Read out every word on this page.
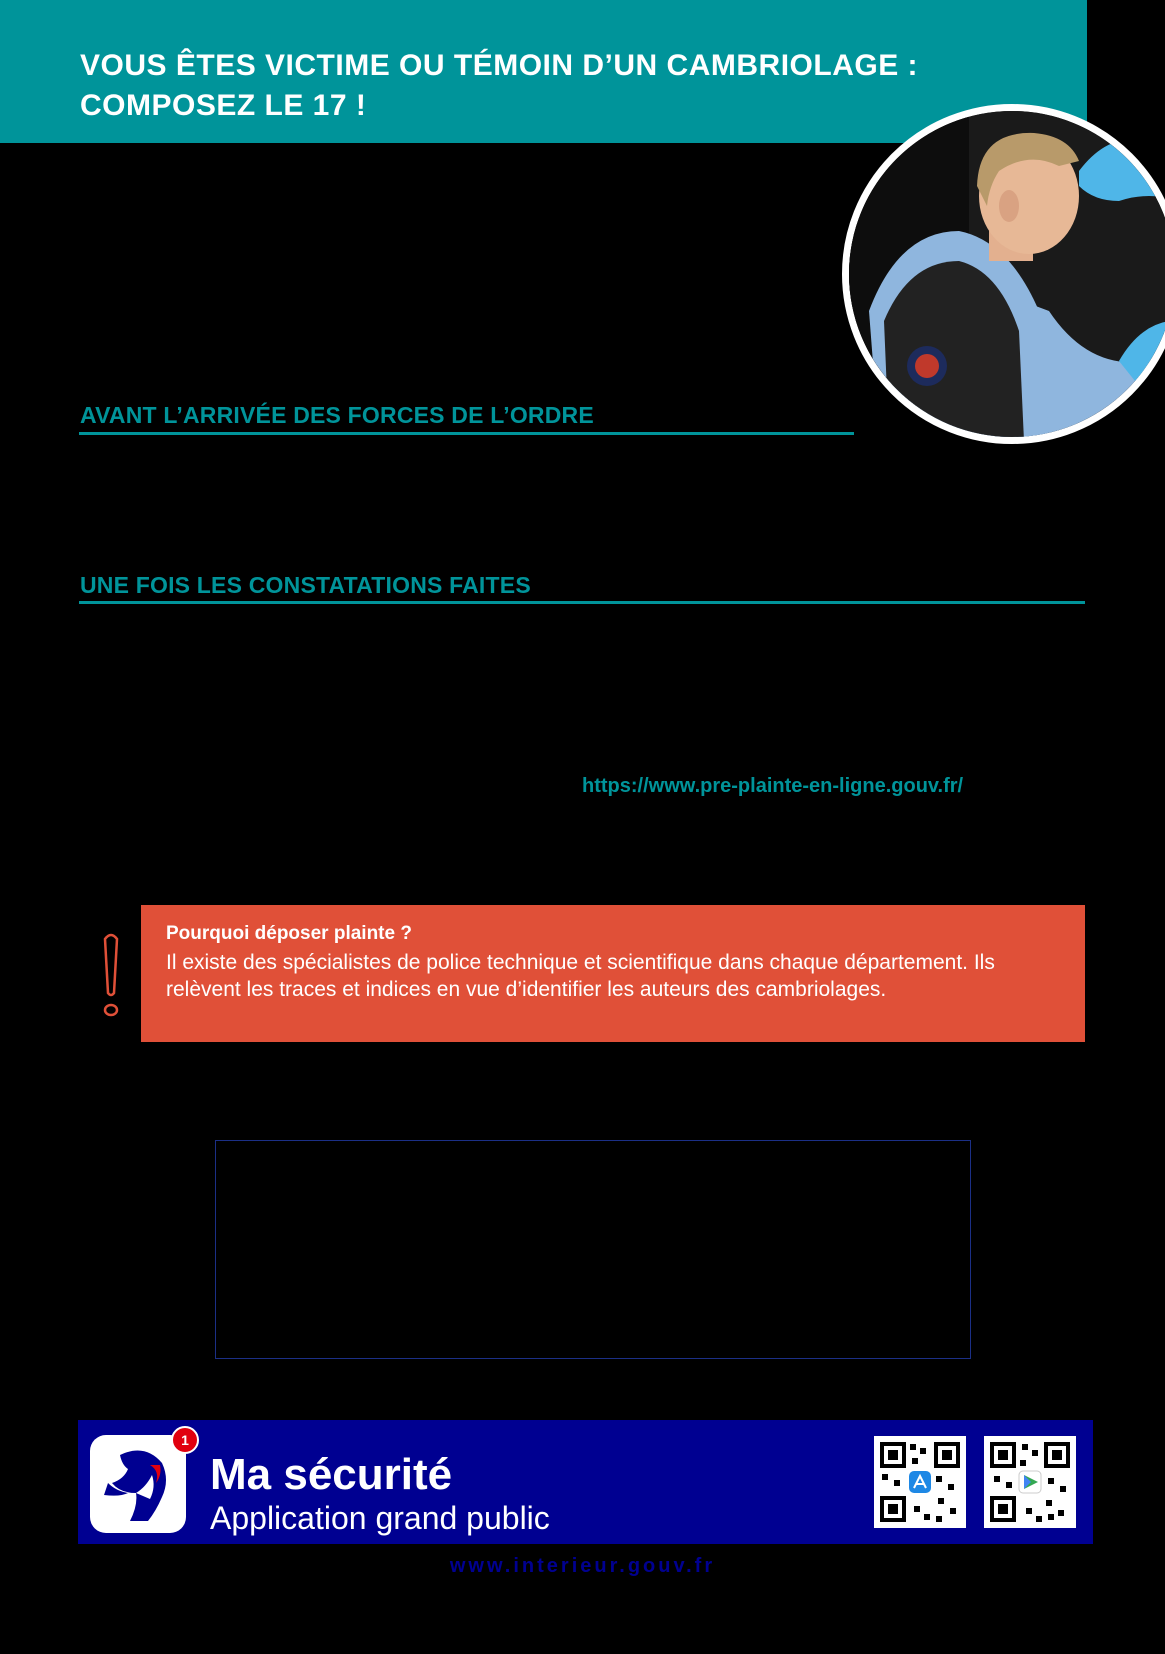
VOUS ÊTES VICTIME OU TÉMOIN D’UN CAMBRIOLAGE :
COMPOSEZ LE 17 !
AVANT L’ARRIVÉE DES FORCES DE L’ORDRE
UNE FOIS LES CONSTATATIONS FAITES
https://www.pre-plainte-en-ligne.gouv.fr/
Pourquoi déposer plainte ?

Il existe des spécialistes de police technique et scientifique dans chaque département. Ils relèvent les traces et indices en vue d’identifier les auteurs des cambriolages.

1
Ma sécurité
Application grand public
www.interieur.gouv.fr
